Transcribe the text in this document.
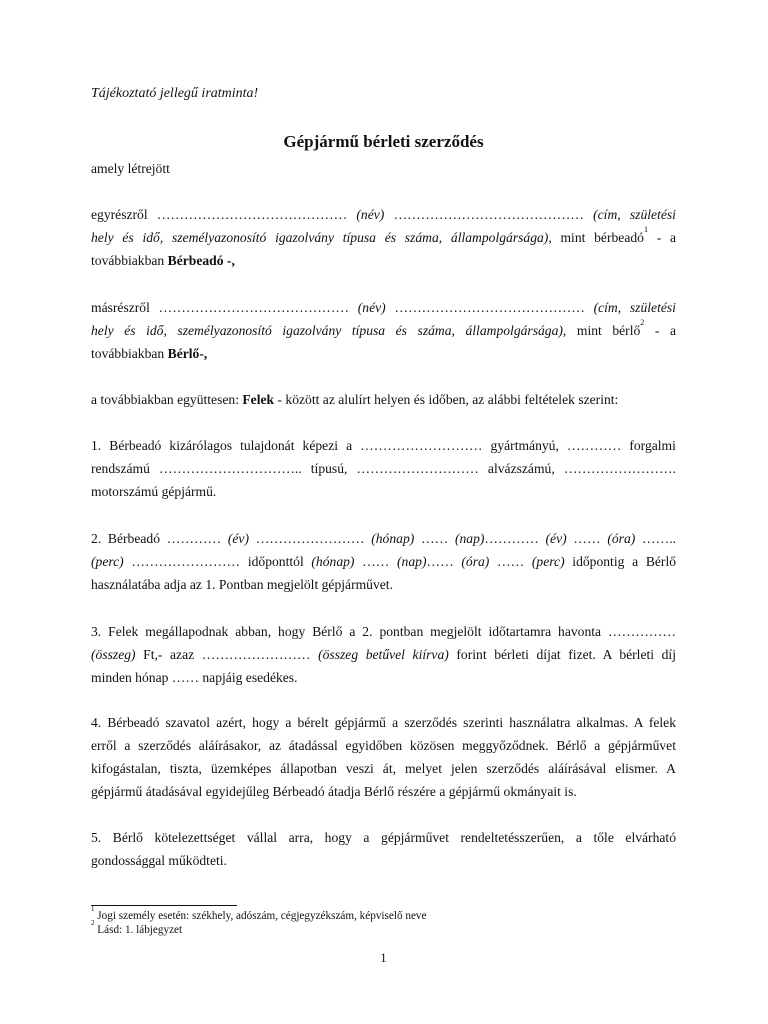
Tájékoztató jellegű iratminta!
Gépjármű bérleti szerződés
amely létrejött
egyrészről …………………………………… (név) …………………………………… (cím, születési
hely és idő, személyazonosító igazolvány típusa és száma, állampolgársága), mint bérbeadó$^1$ - a
továbbiakban Bérbeadó -,
másrészről …………………………………… (név) …………………………………… (cím, születési
hely és idő, személyazonosító igazolvány típusa és száma, állampolgársága), mint bérlő$^2$ - a
továbbiakban Bérlő-,
a továbbiakban együttesen: Felek - között az alulírt helyen és időben, az alábbi feltételek szerint:
1. Bérbeadó kizárólagos tulajdonát képezi a ……………………… gyártmányú, ………… forgalmi
rendszámú ………………………….. típusú, ……………………… alvázszámú, …………………….
motorszámú gépjármű.
2. Bérbeadó ………… (év) …………………… (hónap) …… (nap)………… (év) …… (óra) ……..
(perc) …………………… időponttól (hónap) …… (nap)…… (óra) …… (perc) időpontig a Bérlő
használatába adja az 1. Pontban megjelölt gépjárművet.
3. Felek megállapodnak abban, hogy Bérlő a 2. pontban megjelölt időtartamra havonta ……………
(összeg) Ft,- azaz …………………… (összeg betűvel kiírva) forint bérleti díjat fizet. A bérleti díj
minden hónap …… napjáig esedékes.
4. Bérbeadó szavatol azért, hogy a bérelt gépjármű a szerződés szerinti használatra alkalmas. A felek
erről a szerződés aláírásakor, az átadással egyidőben közösen meggyőződnek. Bérlő a gépjárművet
kifogástalan, tiszta, üzemképes állapotban veszi át, melyet jelen szerződés aláírásával elismer. A
gépjármű átadásával egyidejűleg Bérbeadó átadja Bérlő részére a gépjármű okmányait is.
5. Bérlő kötelezettséget vállal arra, hogy a gépjárművet rendeltetésszerűen, a tőle elvárható
gondossággal működteti.
$^1$ Jogi személy esetén: székhely, adószám, cégjegyzékszám, képviselő neve
$^2$ Lásd: 1. lábjegyzet
1
